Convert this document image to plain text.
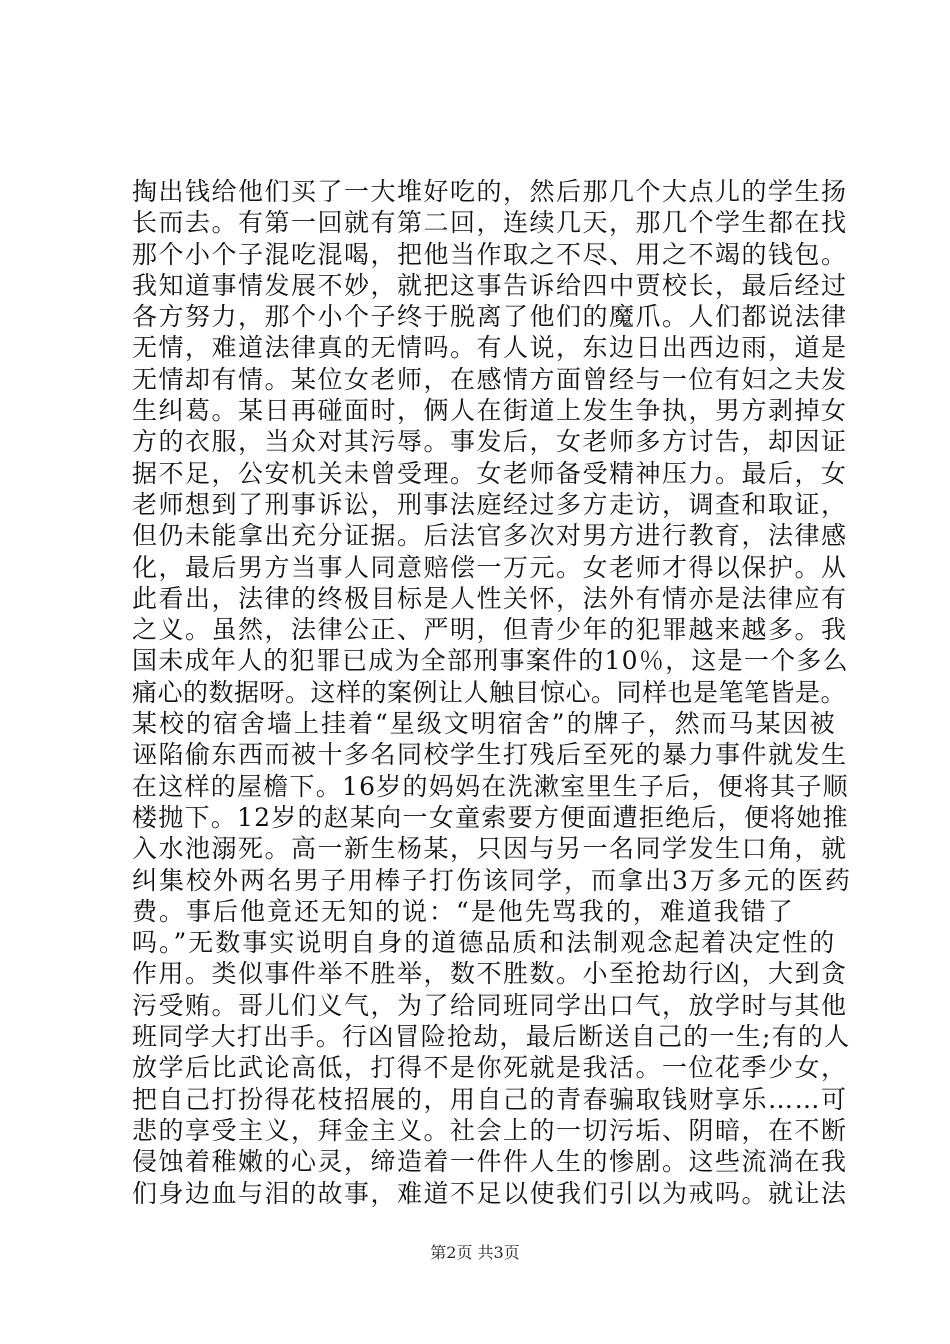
掏出钱给他们买了一大堆好吃的，然后那几个大点儿的学生扬
长而去。有第一回就有第二回，连续几天，那几个学生都在找
那个小个子混吃混喝，把他当作取之不尽、用之不竭的钱包。
我知道事情发展不妙，就把这事告诉给四中贾校长，最后经过
各方努力，那个小个子终于脱离了他们的魔爪。人们都说法律
无情，难道法律真的无情吗。有人说，东边日出西边雨，道是
无情却有情。某位女老师，在感情方面曾经与一位有妇之夫发
生纠葛。某日再碰面时，俩人在街道上发生争执，男方剥掉女
方的衣服，当众对其污辱。事发后，女老师多方讨告，却因证
据不足，公安机关未曾受理。女老师备受精神压力。最后，女
老师想到了刑事诉讼，刑事法庭经过多方走访，调查和取证，
但仍未能拿出充分证据。后法官多次对男方进行教育，法律感
化，最后男方当事人同意赔偿一万元。女老师才得以保护。从
此看出，法律的终极目标是人性关怀，法外有情亦是法律应有
之义。虽然，法律公正、严明，但青少年的犯罪越来越多。我
国未成年人的犯罪已成为全部刑事案件的10％，这是一个多么
痛心的数据呀。这样的案例让人触目惊心。同样也是笔笔皆是。
某校的宿舍墙上挂着“星级文明宿舍”的牌子，然而马某因被
诬陷偷东西而被十多名同校学生打残后至死的暴力事件就发生
在这样的屋檐下。16岁的妈妈在洗漱室里生子后，便将其子顺
楼抛下。12岁的赵某向一女童索要方便面遭拒绝后，便将她推
入水池溺死。高一新生杨某，只因与另一名同学发生口角，就
纠集校外两名男子用棒子打伤该同学，而拿出3万多元的医药
费。事后他竟还无知的说：“是他先骂我的，难道我错了
吗。”无数事实说明自身的道德品质和法制观念起着决定性的
作用。类似事件举不胜举，数不胜数。小至抢劫行凶，大到贪
污受贿。哥儿们义气，为了给同班同学出口气，放学时与其他
班同学大打出手。行凶冒险抢劫，最后断送自己的一生;有的人
放学后比武论高低，打得不是你死就是我活。一位花季少女，
把自己打扮得花枝招展的，用自己的青春骗取钱财享乐……可
悲的享受主义，拜金主义。社会上的一切污垢、阴暗，在不断
侵蚀着稚嫩的心灵，缔造着一件件人生的惨剧。这些流淌在我
们身边血与泪的故事，难道不足以使我们引以为戒吗。就让法
第2页 共3页
